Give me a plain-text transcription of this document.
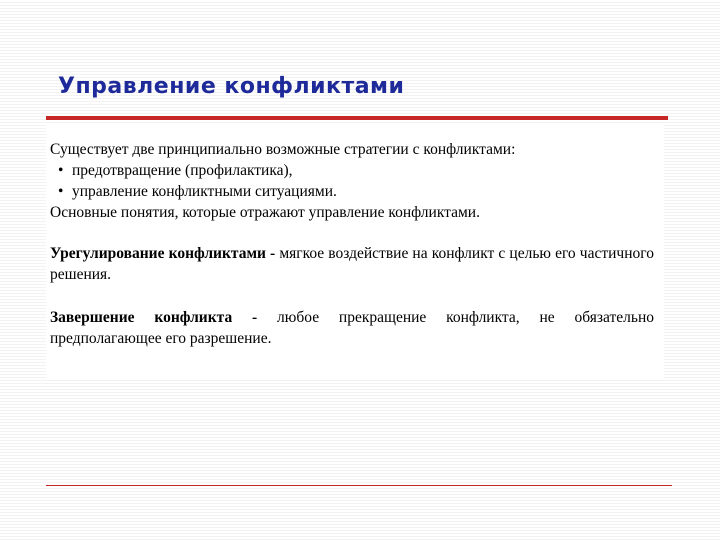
Управление конфликтами

Существует две принципиально возможные стратегии с конфликтами:

• предотвращение (профилактика),
• управление конфликтными ситуациями.

Основные понятия, которые отражают управление конфликтами.

Урегулирование конфликтами - мягкое воздействие на конфликт с целью его частичного решения.

Завершение конфликта - любое прекращение конфликта, не обязательно предполагающее его разрешение.
